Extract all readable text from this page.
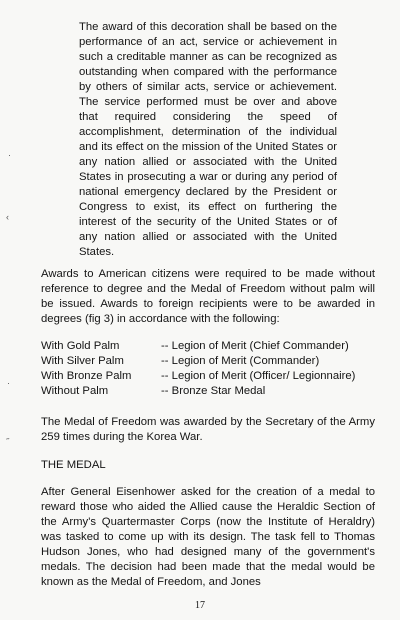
The award of this decoration shall be based on the performance of an act, service or achievement in such a creditable manner as can be recognized as outstanding when compared with the performance by others of similar acts, service or achievement. The service performed must be over and above that required considering the speed of accomplishment, determination of the individual and its effect on the mission of the United States or any nation allied or associated with the United States in prosecuting a war or during any period of national emergency declared by the President or Congress to exist, its effect on furthering the interest of the security of the United States or of any nation allied or associated with the United States.

Awards to American citizens were required to be made without reference to degree and the Medal of Freedom without palm will be issued. Awards to foreign recipients were to be awarded in degrees (fig 3) in accordance with the following:

With Gold Palm	-- Legion of Merit (Chief Commander)
With Silver Palm	-- Legion of Merit (Commander)
With Bronze Palm	-- Legion of Merit (Officer/ Legionnaire)
Without Palm	-- Bronze Star Medal

The Medal of Freedom was awarded by the Secretary of the Army 259 times during the Korea War.

THE MEDAL

After General Eisenhower asked for the creation of a medal to reward those who aided the Allied cause the Heraldic Section of the Army's Quartermaster Corps (now the Institute of Heraldry) was tasked to come up with its design. The task fell to Thomas Hudson Jones, who had designed many of the government's medals. The decision had been made that the medal would be known as the Medal of Freedom, and Jones

17
·
‹
·
˝
